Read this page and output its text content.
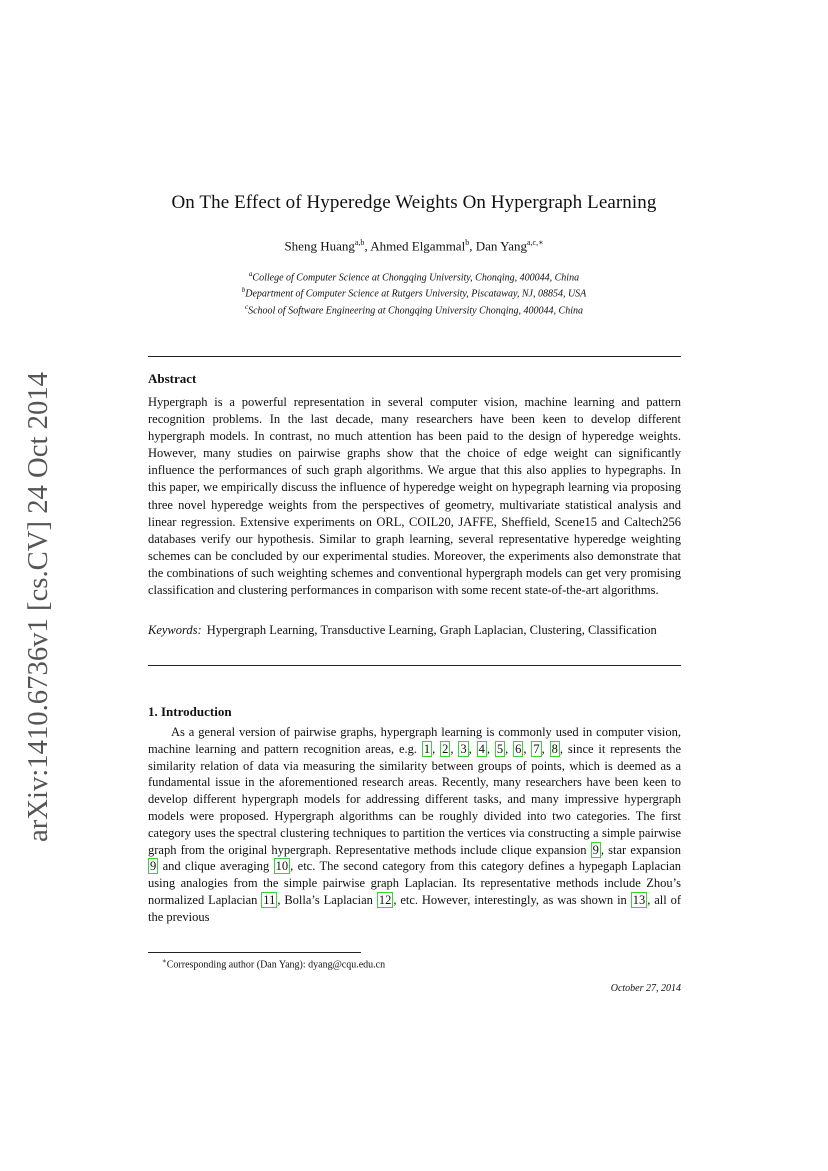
arXiv:1410.6736v1 [cs.CV] 24 Oct 2014
On The Effect of Hyperedge Weights On Hypergraph Learning
Sheng Huang$^{a,b}$, Ahmed Elgammal$^b$, Dan Yang$^{a,c,∗}$
$^a$College of Computer Science at Chongqing University, Chonqing, 400044, China
$^b$Department of Computer Science at Rutgers University, Piscataway, NJ, 08854, USA
$^c$School of Software Engineering at Chongqing University Chonqing, 400044, China
Abstract
Hypergraph is a powerful representation in several computer vision, machine learning and pattern recognition problems. In the last decade, many researchers have been keen to develop different hypergraph models. In contrast, no much attention has been paid to the design of hyperedge weights. However, many studies on pairwise graphs show that the choice of edge weight can significantly influence the performances of such graph algorithms. We argue that this also applies to hypegraphs. In this paper, we empirically discuss the influence of hyperedge weight on hypegraph learning via proposing three novel hyperedge weights from the perspectives of geometry, multivariate statistical analysis and linear regression. Extensive experiments on ORL, COIL20, JAFFE, Sheffield, Scene15 and Caltech256 databases verify our hypothesis. Similar to graph learning, several representative hyperedge weighting schemes can be concluded by our experimental studies. Moreover, the experiments also demonstrate that the combinations of such weighting schemes and conventional hypergraph models can get very promising classification and clustering performances in comparison with some recent state-of-the-art algorithms.
Keywords: Hypergraph Learning, Transductive Learning, Graph Laplacian, Clustering, Classification
1. Introduction
As a general version of pairwise graphs, hypergraph learning is commonly used in computer vision, machine learning and pattern recognition areas, e.g. 1 , 2 , 3 , 4 , 5 , 6 , 7 , 8 , since it represents the similarity relation of data via measuring the similarity between groups of points, which is deemed as a fundamental issue in the aforementioned research areas. Recently, many researchers have been keen to develop different hypergraph models for addressing different tasks, and many impressive hypergraph models were proposed. Hypergraph algorithms can be roughly divided into two categories. The first category uses the spectral clustering techniques to partition the vertices via constructing a simple pairwise graph from the original hypergraph. Representative methods include clique expansion 9 , star expansion 9 and clique averaging 10 , etc. The second category from this category defines a hypegaph Laplacian using analogies from the simple pairwise graph Laplacian. Its representative methods include Zhou’s normalized Laplacian 11 , Bolla’s Laplacian 12 , etc. However, interestingly, as was shown in 13 , all of the previous
∗Corresponding author (Dan Yang): dyang@cqu.edu.cn
October 27, 2014
